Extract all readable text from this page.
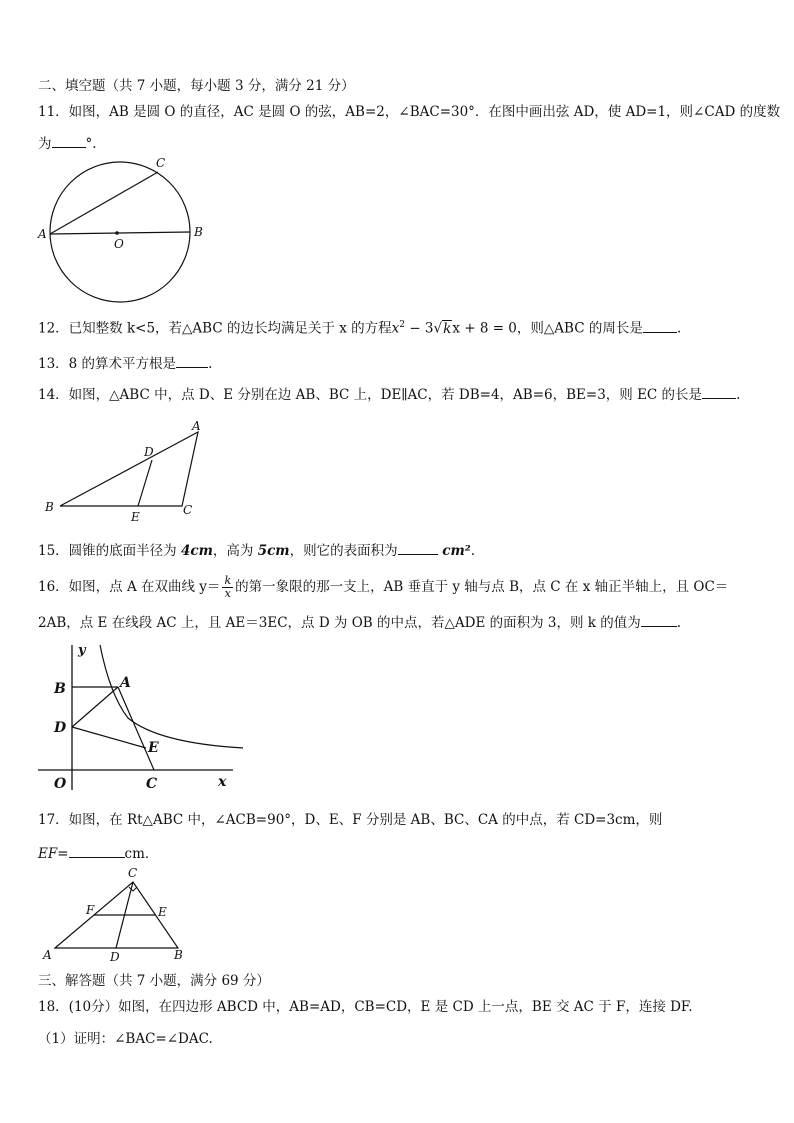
二、填空题（共 7 小题，每小题 3 分，满分 21 分）
11．如图，AB 是圆 O 的直径，AC 是圆 O 的弦，AB=2，∠BAC=30°．在图中画出弦 AD，使 AD=1，则∠CAD 的度数
为	°.
A	B
C
O
12．已知整数 k<5，若△ABC 的边长均满足关于 x 的方程$x^2 - 3√kx + 8 = 0$，则△ABC 的周长是	.
13．8 的算术平方根是 .
14．如图，△ABC 中，点 D、E 分别在边 AB、BC 上，DE∥AC，若 DB=4，AB=6，BE=3，则 EC 的长是	.
A
B	C
D
E
15．圆锥的底面半径为 4cm，高为 5cm，则它的表面积为	cm².
16．如图，点 A 在双曲线 $y= \frac{k}{x}$ 的第一象限的那一支上，AB 垂直于 y 轴与点 B，点 C 在 x 轴正半轴上，且 OC＝
2AB，点 E 在线段 AC 上，且 AE＝3EC，点 D 为 OB 的中点，若△ADE 的面积为 3，则 k 的值为	.
y
x
O
B	A
D
E
C
17．如图，在 Rt△ABC 中，∠ACB=90°，D、E、F 分别是 AB、BC、CA 的中点，若 CD=3cm，则
EF=	cm．
C
A	B
D
F	E
三、解答题（共 7 小题，满分 69 分）
18．(10分）如图，在四边形 ABCD 中，AB=AD，CB=CD，E 是 CD 上一点，BE 交 AC 于 F，连接 DF.
（1）证明：∠BAC=∠DAC.
